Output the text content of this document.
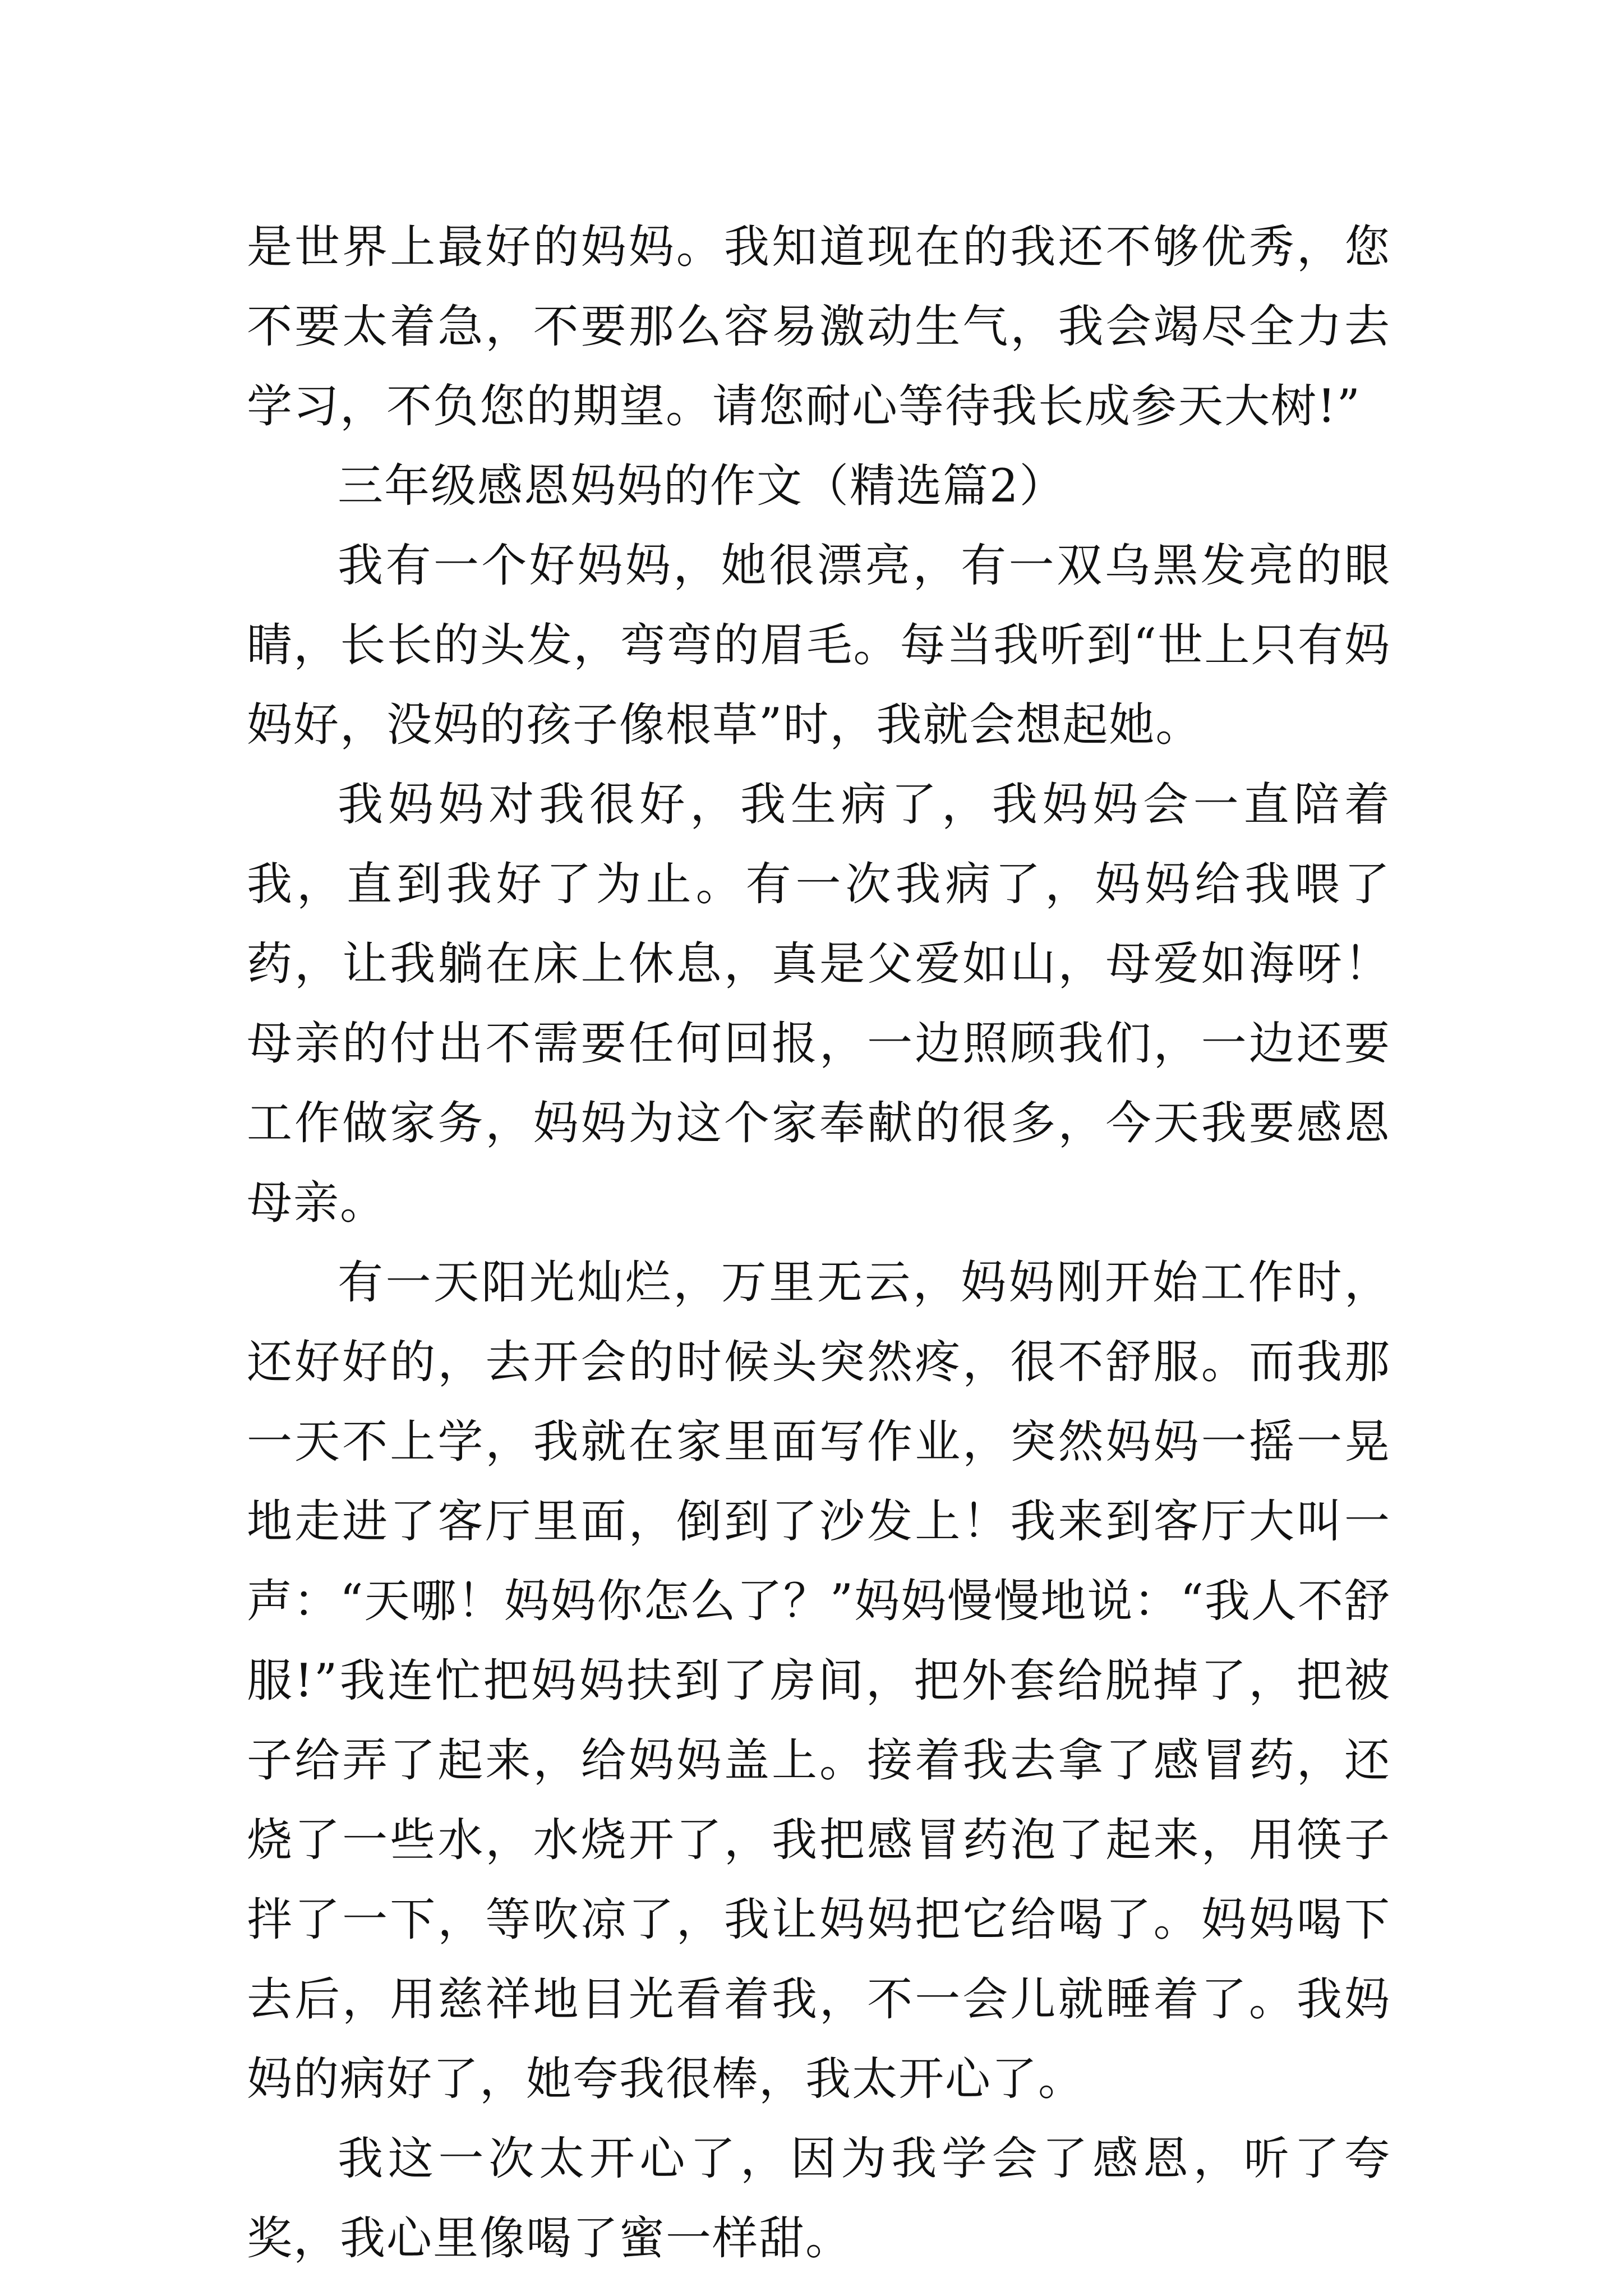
是世界上最好的妈妈。我知道现在的我还不够优秀，您不要太着急，不要那么容易激动生气，我会竭尽全力去学习，不负您的期望。请您耐心等待我长成参天大树!”

三年级感恩妈妈的作文（精选篇2）

我有一个好妈妈，她很漂亮，有一双乌黑发亮的眼睛，长长的头发，弯弯的眉毛。每当我听到“世上只有妈妈好，没妈的孩子像根草”时，我就会想起她。

我妈妈对我很好，我生病了，我妈妈会一直陪着我，直到我好了为止。有一次我病了，妈妈给我喂了药，让我躺在床上休息，真是父爱如山，母爱如海呀！母亲的付出不需要任何回报，一边照顾我们，一边还要工作做家务，妈妈为这个家奉献的很多，今天我要感恩母亲。

有一天阳光灿烂，万里无云，妈妈刚开始工作时，还好好的，去开会的时候头突然疼，很不舒服。而我那一天不上学，我就在家里面写作业，突然妈妈一摇一晃地走进了客厅里面，倒到了沙发上！我来到客厅大叫一声：“天哪！妈妈你怎么了？”妈妈慢慢地说：“我人不舒服!”我连忙把妈妈扶到了房间，把外套给脱掉了，把被子给弄了起来，给妈妈盖上。接着我去拿了感冒药，还烧了一些水，水烧开了，我把感冒药泡了起来，用筷子拌了一下，等吹凉了，我让妈妈把它给喝了。妈妈喝下去后，用慈祥地目光看着我，不一会儿就睡着了。我妈妈的病好了，她夸我很棒，我太开心了。

我这一次太开心了，因为我学会了感恩，听了夸奖，我心里像喝了蜜一样甜。
